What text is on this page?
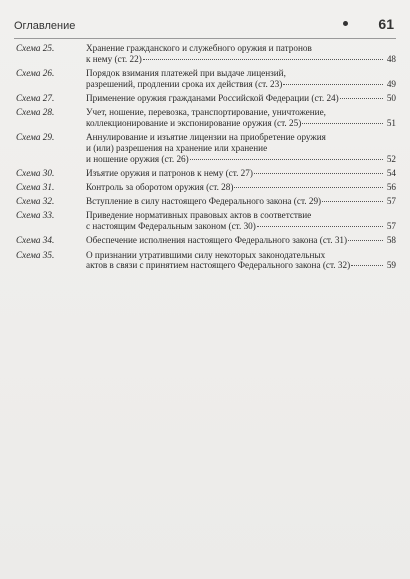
Оглавление	61
Схема 25.	Хранение гражданского и служебного оружия и патронов
к нему (ст. 22)	48
Схема 26.	Порядок взимания платежей при выдаче лицензий,
разрешений, продлении срока их действия (ст. 23)	49
Схема 27.	Применение оружия гражданами Российской Федерации (ст. 24)	50
Схема 28.	Учет, ношение, перевозка, транспортирование, уничтожение,
коллекционирование и экспонирование оружия (ст. 25)	51
Схема 29.	Аннулирование и изъятие лицензии на приобретение оружия
и (или) разрешения на хранение или хранение
и ношение оружия (ст. 26)	52
Схема 30.	Изъятие оружия и патронов к нему (ст. 27)	54
Схема 31.	Контроль за оборотом оружия (ст. 28)	56
Схема 32.	Вступление в силу настоящего Федерального закона (ст. 29)	57
Схема 33.	Приведение нормативных правовых актов в соответствие
с настоящим Федеральным законом (ст. 30)	57
Схема 34.	Обеспечение исполнения настоящего Федерального закона (ст. 31)	58
Схема 35.	О признании утратившими силу некоторых законодательных
актов в связи с принятием настоящего Федерального закона (ст. 32)	59
